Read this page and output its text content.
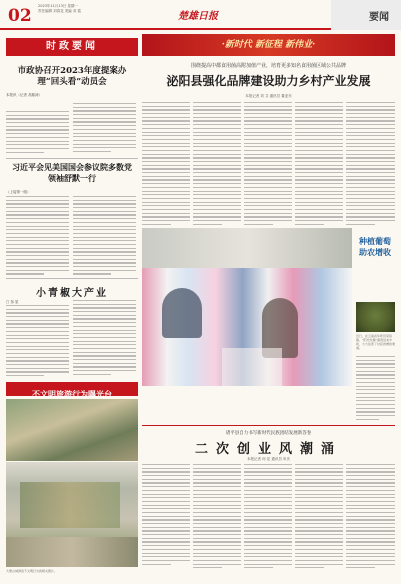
02 2023年11月13日 星期一
责任编辑 刘春花 美编 邓 铭	楚雄日报	要闻
时政要闻
市政协召开2023年度提案办理“回头看”动员会
本报讯（记者 高熙涛）
习近平会见美国国会参议院多数党领袖舒默一行
（上接第一版）
小青椒大产业
□ 邹 星
不文明旅游行为曝光台
大理古城游客不文明行为的相关图片。
·新时代 新征程 新伟业·
围绕提高中都食用菌高附加值产业，培育更多知名食用菌区域公共品牌
泌阳县强化品牌建设助力乡村产业发展
本报记者 刘 芬 通讯员 董亚东
种植葡萄助农增收
近日，在云南省华坪县荣将镇，“阳光玫瑰”葡萄迎来丰收，大大拓宽了村民的增收渠道。
诸平县自力书写新时代民族团结发展新答卷
二次创业风潮涌
本报记者 何 花 通讯员 申庆
